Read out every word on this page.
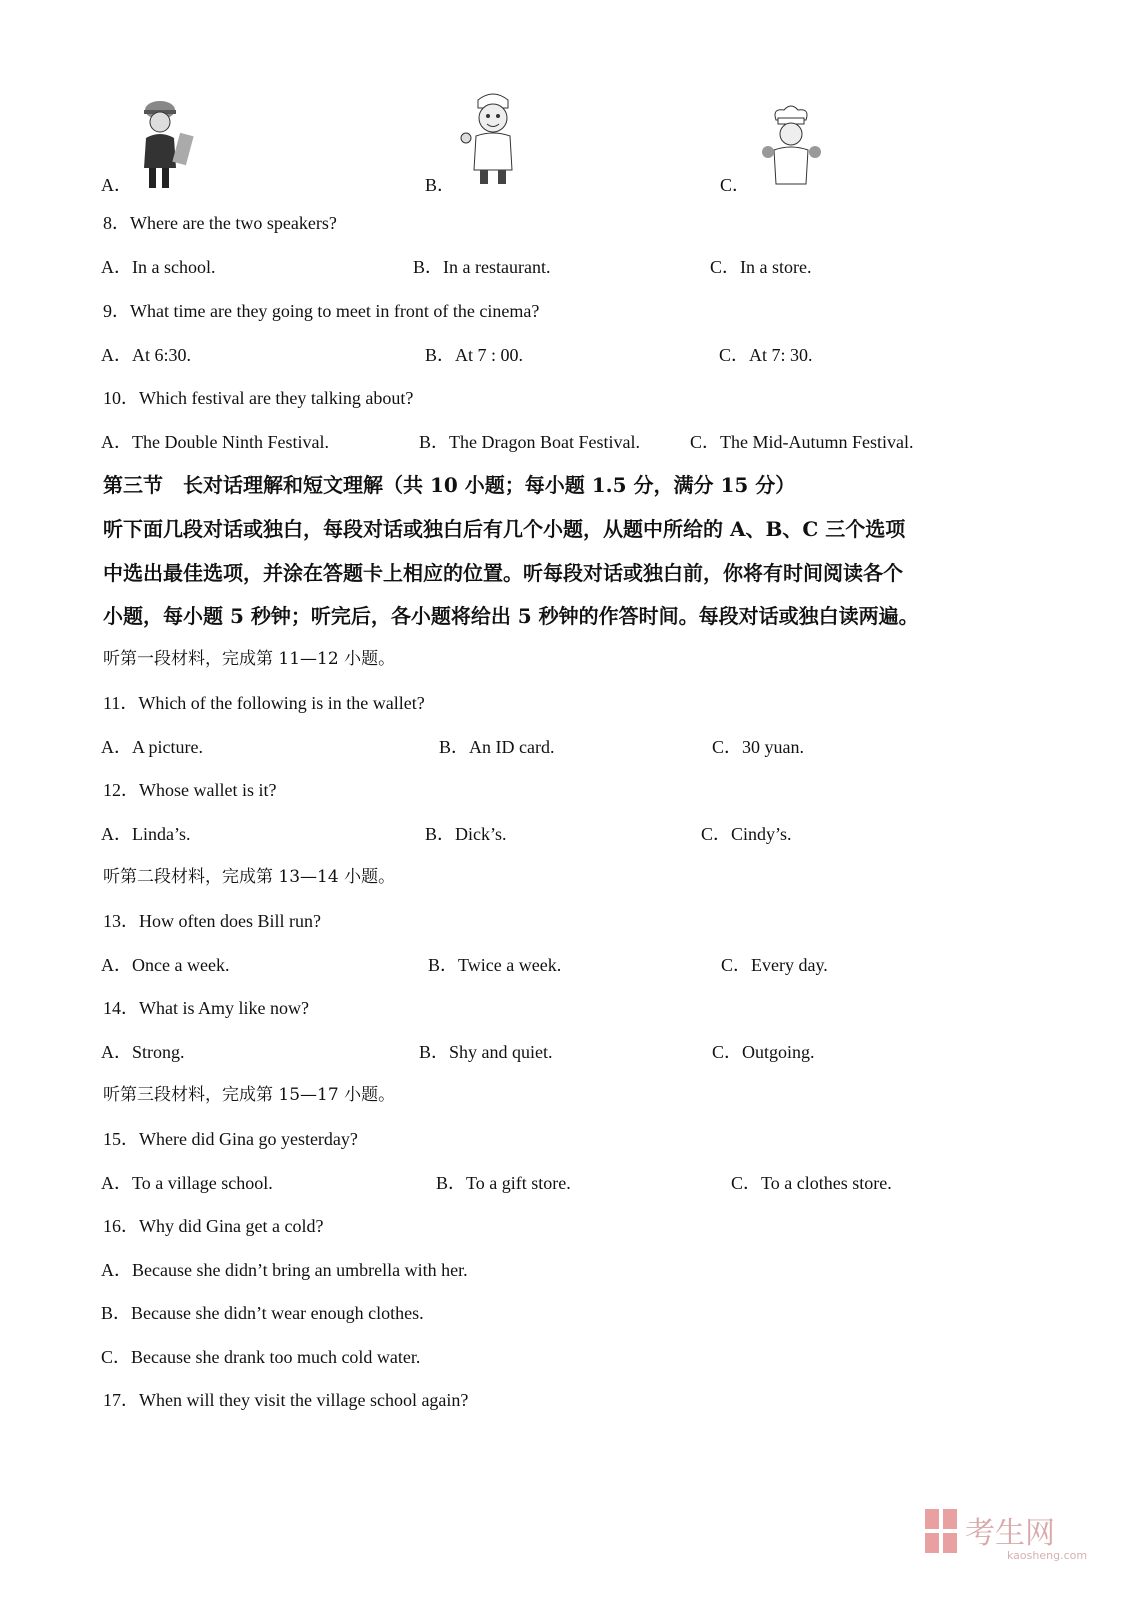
A．	B．	C．
8．Where are the two speakers?
A．In a school.	B．In a restaurant.	C．In a store.
9．What time are they going to meet in front of the cinema?
A．At 6:30.	B．At 7 : 00.	C．At 7: 30.
10．Which festival are they talking about?
A．The Double Ninth Festival.	B．The Dragon Boat Festival.	C．The Mid-Autumn Festival.
第三节　长对话理解和短文理解（共 10 小题；每小题 1.5 分，满分 15 分）
听下面几段对话或独白，每段对话或独白后有几个小题，从题中所给的 A、B、C 三个选项
中选出最佳选项，并涂在答题卡上相应的位置。听每段对话或独白前，你将有时间阅读各个
小题，每小题 5 秒钟；听完后，各小题将给出 5 秒钟的作答时间。每段对话或独白读两遍。
听第一段材料，完成第 11—12 小题。
11．Which of the following is in the wallet?
A．A picture.	B．An ID card.	C．30 yuan.
12．Whose wallet is it?
A．Linda’s.	B．Dick’s.	C．Cindy’s.
听第二段材料，完成第 13—14 小题。
13．How often does Bill run?
A．Once a week.	B．Twice a week.	C．Every day.
14．What is Amy like now?
A．Strong.	B．Shy and quiet.	C．Outgoing.
听第三段材料，完成第 15—17 小题。
15．Where did Gina go yesterday?
A．To a village school.	B．To a gift store.	C．To a clothes store.
16．Why did Gina get a cold?
A．Because she didn’t bring an umbrella with her.
B．Because she didn’t wear enough clothes.
C．Because she drank too much cold water.
17．When will they visit the village school again?
考生网
kaosheng.com
